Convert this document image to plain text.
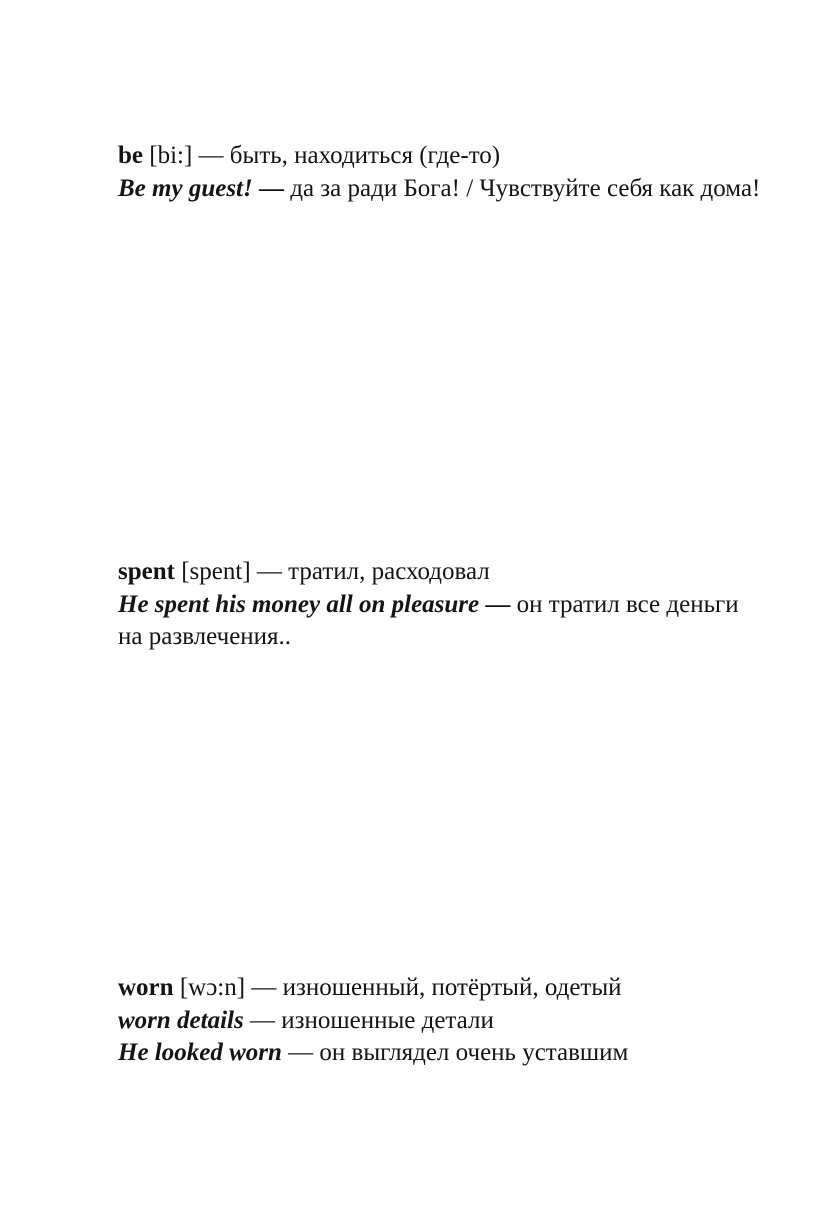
be [bi:] — быть, находиться (где-то)
Be my guest! — да за ради Бога! / Чувствуйте себя как дома!
spent [spent] — тратил, расходовал
He spent his money all on pleasure — он тратил все деньги на развлечения..
worn [wɔ:n] — изношенный, потёртый, одетый
worn details — изношенные детали
He looked worn — он выглядел очень уставшим
